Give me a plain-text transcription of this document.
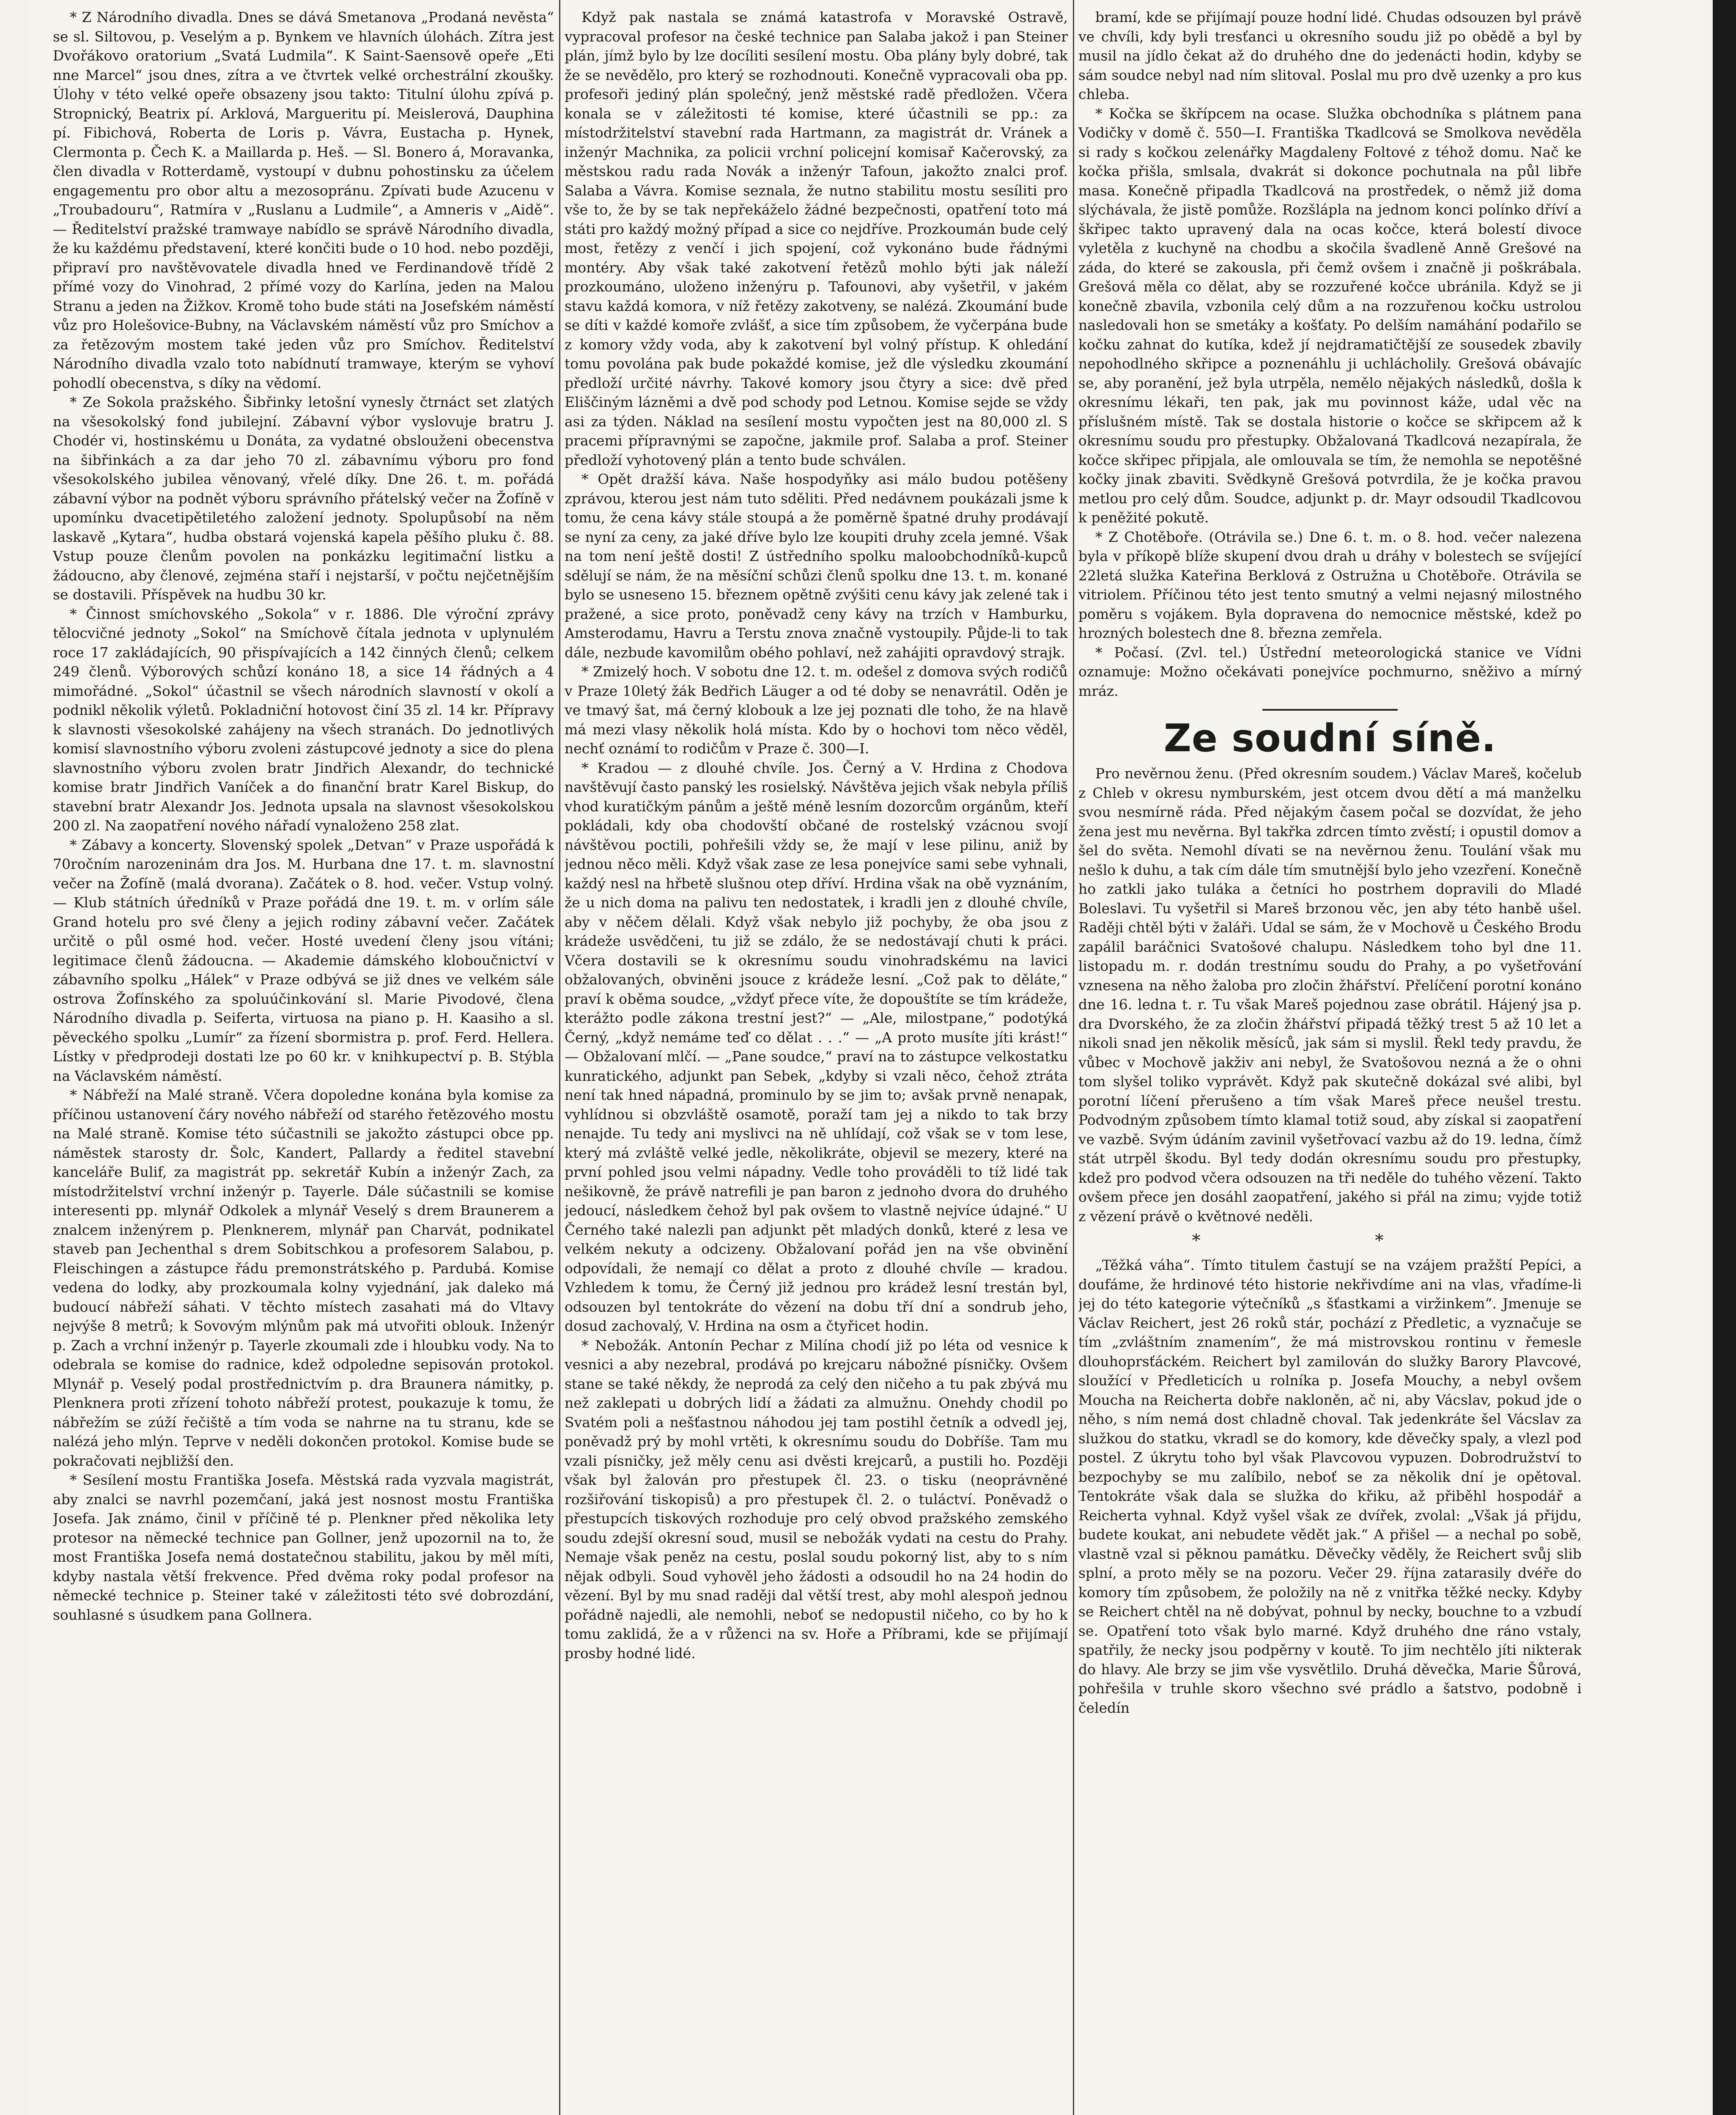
* Z Národního divadla. Dnes se dává Smetanova „Prodaná nevěsta“ se sl. Siltovou, p. Veselým a p. Bynkem ve hlavních úlohách. Zítra jest Dvořákovo oratorium „Svatá Ludmila“. K Saint-Saensově opeře „Eti nne Marcel“ jsou dnes, zítra a ve čtvrtek velké orchestrální zkoušky. Úlohy v této velké opeře obsazeny jsou takto: Titulní úlohu zpívá p. Stropnický, Beatrix pí. Arklová, Margueritu pí. Meislerová, Dauphina pí. Fibichová, Roberta de Loris p. Vávra, Eustacha p. Hynek, Clermonta p. Čech K. a Maillarda p. Heš. — Sl. Bonero á, Moravanka, člen divadla v Rotterdamě, vystoupí v dubnu pohostinsku za účelem engagementu pro obor altu a mezosopránu. Zpívati bude Azucenu v „Troubadouru“, Ratmíra v „Ruslanu a Ludmile“, a Amneris v „Aidě“. — Ředitelství pražské tramwaye nabídlo se správě Národního divadla, že ku každému představení, které končiti bude o 10 hod. nebo později, připraví pro navštěvovatele divadla hned ve Ferdinandově třídě 2 přímé vozy do Vinohrad, 2 přímé vozy do Karlína, jeden na Malou Stranu a jeden na Žižkov. Kromě toho bude státi na Josefském náměstí vůz pro Holešovice-Bubny, na Václavském náměstí vůz pro Smíchov a za řetězovým mostem také jeden vůz pro Smíchov. Ředitelství Národního divadla vzalo toto nabídnutí tramwaye, kterým se vyhoví pohodlí obecenstva, s díky na vědomí.

* Ze Sokola pražského. Šibřinky letošní vynesly čtrnáct set zlatých na všesokolský fond jubilejní. Zábavní výbor vyslovuje bratru J. Chodér vi, hostinskému u Donáta, za vydatné obslouženi obecenstva na šibřinkách a za dar jeho 70 zl. zábavnímu výboru pro fond všesokolského jubilea věnovaný, vřelé díky. Dne 26. t. m. pořádá zábavní výbor na podnět výboru správního přátelský večer na Žofíně v upomínku dvacetipětiletého založení jednoty. Spolupůsobí na něm laskavě „Kytara“, hudba obstará vojenská kapela pěšího pluku č. 88. Vstup pouze členům povolen na ponkázku legitimační listku a žádoucno, aby členové, zejména staří i nejstarší, v počtu nejčetnějším se dostavili. Příspěvek na hudbu 30 kr.

* Činnost smíchovského „Sokola“ v r. 1886. Dle výroční zprávy tělocvičné jednoty „Sokol“ na Smíchově čítala jednota v uplynulém roce 17 zakládajících, 90 přispívajících a 142 činných členů; celkem 249 členů. Výborových schůzí konáno 18, a sice 14 řádných a 4 mimořádné. „Sokol“ účastnil se všech národních slavností v okolí a podnikl několik výletů. Pokladniční hotovost činí 35 zl. 14 kr. Přípravy k slavnosti všesokolské zahájeny na všech stranách. Do jednotlivých komisí slavnostního výboru zvoleni zástupcové jednoty a sice do plena slavnostního výboru zvolen bratr Jindřich Alexandr, do technické komise bratr Jindřich Vaníček a do finanční bratr Karel Biskup, do stavební bratr Alexandr Jos. Jednota upsala na slavnost všesokolskou 200 zl. Na zaopatření nového nářadí vynaloženo 258 zlat.

* Zábavy a koncerty. Slovenský spolek „Detvan“ v Praze uspořádá k 70ročním narozeninám dra Jos. M. Hurbana dne 17. t. m. slavnostní večer na Žofíně (malá dvorana). Začátek o 8. hod. večer. Vstup volný. — Klub státních úředníků v Praze pořádá dne 19. t. m. v orlím sále Grand hotelu pro své členy a jejich rodiny zábavní večer. Začátek určitě o půl osmé hod. večer. Hosté uvedení členy jsou vítáni; legitimace členů žádoucna. — Akademie dámského kloboučnictví v zábavního spolku „Hálek“ v Praze odbývá se již dnes ve velkém sále ostrova Žofínského za spoluúčinkování sl. Marie Pivodové, člena Národního divadla p. Seiferta, virtuosa na piano p. H. Kaasiho a sl. pěveckého spolku „Lumír“ za řízení sbormistra p. prof. Ferd. Hellera. Lístky v předprodeji dostati lze po 60 kr. v knihkupectví p. B. Stýbla na Václavském náměstí.

* Nábřeží na Malé straně. Včera dopoledne konána byla komise za příčinou ustanovení čáry nového nábřeží od starého řetězového mostu na Malé straně. Komise této súčastnili se jakožto zástupci obce pp. náměstek starosty dr. Šolc, Kandert, Pallardy a ředitel stavební kanceláře Bulif, za magistrát pp. sekretář Kubín a inženýr Zach, za místodržitelství vrchní inženýr p. Tayerle. Dále súčastnili se komise interesenti pp. mlynář Odkolek a mlynář Veselý s drem Braunerem a znalcem inženýrem p. Plenknerem, mlynář pan Charvát, podnikatel staveb pan Jechenthal s drem Sobitschkou a profesorem Salabou, p. Fleischingen a zástupce řádu premonstrátského p. Pardubá. Komise vedena do lodky, aby prozkoumala kolny vyjednání, jak daleko má budoucí nábřeží sáhati. V těchto místech zasahati má do Vltavy nejvýše 8 metrů; k Sovovým mlýnům pak má utvořiti oblouk. Inženýr p. Zach a vrchní inženýr p. Tayerle zkoumali zde i hloubku vody. Na to odebrala se komise do radnice, kdež odpoledne sepisován protokol. Mlynář p. Veselý podal prostřednictvím p. dra Braunera námitky, p. Plenknera proti zřízení tohoto nábřeží protest, poukazuje k tomu, že nábřežím se zúží řečiště a tím voda se nahrne na tu stranu, kde se nalézá jeho mlýn. Teprve v neděli dokončen protokol. Komise bude se pokračovati nejbližší den.

* Sesílení mostu Františka Josefa. Městská rada vyzvala magistrát, aby znalci se navrhl pozemčaní, jaká jest nosnost mostu Františka Josefa. Jak známo, činil v příčině té p. Plenkner před několika lety protesor na německé technice pan Gollner, jenž upozornil na to, že most Františka Josefa nemá dostatečnou stabilitu, jakou by měl míti, kdyby nastala větší frekvence. Před dvěma roky podal profesor na německé technice p. Steiner také v záležitosti této své dobrozdání, souhlasné s úsudkem pana Gollnera.

Když pak nastala se známá katastrofa v Moravské Ostravě, vypracoval profesor na české technice pan Salaba jakož i pan Steiner plán, jímž bylo by lze docíliti sesílení mostu. Oba plány byly dobré, tak že se nevědělo, pro který se rozhodnouti. Konečně vypracovali oba pp. profesoři jediný plán společný, jenž městské radě předložen. Včera konala se v záležitosti té komise, které účastnili se pp.: za místodržitelství stavební rada Hartmann, za magistrát dr. Vránek a inženýr Machnika, za policii vrchní policejní komisař Kačerovský, za městskou radu rada Novák a inženýr Tafoun, jakožto znalci prof. Salaba a Vávra. Komise seznala, že nutno stabilitu mostu sesíliti pro vše to, že by se tak nepřekáželo žádné bezpečnosti, opatření toto má státi pro každý možný případ a sice co nejdříve. Prozkoumán bude celý most, řetězy z venčí i jich spojení, což vykonáno bude řádnými montéry. Aby však také zakotvení řetězů mohlo býti jak náleží prozkoumáno, uloženo inženýru p. Tafounovi, aby vyšetřil, v jakém stavu každá komora, v níž řetězy zakotveny, se nalézá. Zkoumání bude se díti v každé komoře zvlášť, a sice tím způsobem, že vyčerpána bude z komory vždy voda, aby k zakotvení byl volný přístup. K ohledání tomu povolána pak bude pokaždé komise, jež dle výsledku zkoumání předloží určité návrhy. Takové komory jsou čtyry a sice: dvě před Eliščiným lázněmi a dvě pod schody pod Letnou. Komise sejde se vždy asi za týden. Náklad na sesílení mostu vypočten jest na 80,000 zl. S pracemi přípravnými se započne, jakmile prof. Salaba a prof. Steiner předloží vyhotovený plán a tento bude schválen.

* Opět dražší káva. Naše hospodyňky asi málo budou potěšeny zprávou, kterou jest nám tuto sděliti. Před nedávnem poukázali jsme k tomu, že cena kávy stále stoupá a že poměrně špatné druhy prodávají se nyní za ceny, za jaké dříve bylo lze koupiti druhy zcela jemné. Však na tom není ještě dosti! Z ústředního spolku maloobchodníků-kupců sdělují se nám, že na měsíční schůzi členů spolku dne 13. t. m. konané bylo se usneseno 15. březnem opětně zvýšiti cenu kávy jak zelené tak i pražené, a sice proto, poněvadž ceny kávy na trzích v Hamburku, Amsterodamu, Havru a Terstu znova značně vystoupily. Půjde-li to tak dále, nezbude kavomilům obého pohlaví, než zahájiti opravdový strajk.

* Zmizelý hoch. V sobotu dne 12. t. m. odešel z domova svých rodičů v Praze 10letý žák Bedřich Läuger a od té doby se nenavrátil. Oděn je ve tmavý šat, má černý klobouk a lze jej poznati dle toho, že na hlavě má mezi vlasy několik holá místa. Kdo by o hochovi tom něco věděl, nechť oznámí to rodičům v Praze č. 300—I.

* Kradou — z dlouhé chvíle. Jos. Černý a V. Hrdina z Chodova navštěvují často panský les rosielský. Návštěva jejich však nebyla příliš vhod kuratičkým pánům a ještě méně lesním dozorcům orgánům, kteří pokládali, kdy oba chodovští občané de rostelský vzácnou svojí návštěvou poctili, pohřešili vždy se, že mají v lese pilinu, aniž by jednou něco měli. Když však zase ze lesa ponejvíce sami sebe vyhnali, každý nesl na hřbetě slušnou otep dříví. Hrdina však na obě vyznáním, že u nich doma na palivu ten nedostatek, i kradli jen z dlouhé chvíle, aby v něčem dělali. Když však nebylo již pochyby, že oba jsou z krádeže usvědčeni, tu již se zdálo, že se nedostávají chuti k práci. Včera dostavili se k okresnímu soudu vinohradskému na lavici obžalovaných, obviněni jsouce z krádeže lesní. „Což pak to děláte,“ praví k oběma soudce, „vždyť přece víte, že dopouštíte se tím krádeže, kterážto podle zákona trestní jest?“ — „Ale, milostpane,“ podotýká Černý, „když nemáme teď co dělat . . .“ — „A proto musíte jíti krást!“ — Obžalovaní mlčí. — „Pane soudce,“ praví na to zástupce velkostatku kunratického, adjunkt pan Sebek, „kdyby si vzali něco, čehož ztráta není tak hned nápadná, prominulo by se jim to; avšak prvně nenapak, vyhlídnou si obzvláště osamotě, poraží tam jej a nikdo to tak brzy nenajde. Tu tedy ani myslivci na ně uhlídají, což však se v tom lese, který má zvláště velké jedle, několikráte, objevil se mezery, které na první pohled jsou velmi nápadny. Vedle toho prováděli to tíž lidé tak nešikovně, že právě natrefili je pan baron z jednoho dvora do druhého jedoucí, následkem čehož byl pak ovšem to vlastně nejvíce údajné.“ U Černého také nalezli pan adjunkt pět mladých donků, které z lesa ve velkém nekuty a odcizeny. Obžalovaní pořád jen na vše obvinění odpovídali, že nemají co dělat a proto z dlouhé chvíle — kradou. Vzhledem k tomu, že Černý již jednou pro krádež lesní trestán byl, odsouzen byl tentokráte do vězení na dobu tří dní a sondrub jeho, dosud zachovalý, V. Hrdina na osm a čtyřicet hodin.

* Nebožák. Antonín Pechar z Milína chodí již po léta od vesnice k vesnici a aby nezebral, prodává po krejcaru nábožné písničky. Ovšem stane se také někdy, že neprodá za celý den ničeho a tu pak zbývá mu než zaklepati u dobrých lidí a žádati za almužnu. Onehdy chodil po Svatém poli a nešťastnou náhodou jej tam postihl četník a odvedl jej, poněvadž prý by mohl vrtěti, k okresnímu soudu do Dobříše. Tam mu vzali písničky, jež měly cenu asi dvěsti krejcarů, a pustili ho. Později však byl žalován pro přestupek čl. 23. o tisku (neoprávněné rozšiřování tiskopisů) a pro přestupek čl. 2. o tuláctví. Poněvadž o přestupcích tiskových rozhoduje pro celý obvod pražského zemského soudu zdejší okresní soud, musil se nebožák vydati na cestu do Prahy. Nemaje však peněz na cestu, poslal soudu pokorný list, aby to s ním nějak odbyli. Soud vyhověl jeho žádosti a odsoudil ho na 24 hodin do vězení. Byl by mu snad raději dal větší trest, aby mohl alespoň jednou pořádně najedli, ale nemohli, neboť se nedopustil ničeho, co by ho k tomu zaklidá, že a v růženci na sv. Hoře a Příbrami, kde se přijímají prosby hodné lidé.

bramí, kde se přijímají pouze hodní lidé. Chudas odsouzen byl právě ve chvíli, kdy byli tresťanci u okresního soudu již po obědě a byl by musil na jídlo čekat až do druhého dne do jedenácti hodin, kdyby se sám soudce nebyl nad ním slitoval. Poslal mu pro dvě uzenky a pro kus chleba.

* Kočka se škřípcem na ocase. Služka obchodníka s plátnem pana Vodičky v domě č. 550—I. Františka Tkadlcová se Smolkova nevěděla si rady s kočkou zelenářky Magdaleny Foltové z téhož domu. Nač ke kočka přišla, smlsala, dvakrát si dokonce pochutnala na půl libře masa. Konečně připadla Tkadlcová na prostředek, o němž již doma slýchávala, že jistě pomůže. Rozšlápla na jednom konci polínko dříví a škřipec takto upravený dala na ocas kočce, která bolestí divoce vyletěla z kuchyně na chodbu a skočila švadleně Anně Grešové na záda, do které se zakousla, při čemž ovšem i značně ji poškrábala. Grešová měla co dělat, aby se rozzuřené kočce ubránila. Když se ji konečně zbavila, vzbonila celý dům a na rozzuřenou kočku ustrolou nasledovali hon se smetáky a košťaty. Po delším namáhání podařilo se kočku zahnat do kutíka, kdež jí nejdramatičtější ze sousedek zbavily nepohodlného skřipce a poznenáhlu ji uchlácholily. Grešová obávajíc se, aby poranění, jež byla utrpěla, nemělo nějakých následků, došla k okresnímu lékaři, ten pak, jak mu povinnost káže, udal věc na příslušném místě. Tak se dostala historie o kočce se skřipcem až k okresnímu soudu pro přestupky. Obžalovaná Tkadlcová nezapírala, že kočce skřipec připjala, ale omlouvala se tím, že nemohla se nepotěšné kočky jinak zbaviti. Svědkyně Grešová potvrdila, že je kočka pravou metlou pro celý dům. Soudce, adjunkt p. dr. Mayr odsoudil Tkadlcovou k peněžité pokutě.

* Z Chotěboře. (Otrávila se.) Dne 6. t. m. o 8. hod. večer nalezena byla v příkopě blíže skupení dvou drah u dráhy v bolestech se svíjející 22letá služka Kateřina Berklová z Ostružna u Chotěboře. Otrávila se vitriolem. Příčinou této jest tento smutný a velmi nejasný milostného poměru s vojákem. Byla dopravena do nemocnice městské, kdež po hrozných bolestech dne 8. března zemřela.

* Počasí. (Zvl. tel.) Ústřední meteorologická stanice ve Vídni oznamuje: Možno očekávati ponejvíce pochmurno, sněživo a mírný mráz.

Ze soudní síně.

Pro nevěrnou ženu. (Před okresním soudem.) Václav Mareš, kočelub z Chleb v okresu nymburském, jest otcem dvou dětí a má manželku svou nesmírně ráda. Před nějakým časem počal se dozvídat, že jeho žena jest mu nevěrna. Byl takřka zdrcen tímto zvěstí; i opustil domov a šel do světa. Nemohl dívati se na nevěrnou ženu. Toulání však mu nešlo k duhu, a tak cím dále tím smutnější bylo jeho vzezření. Konečně ho zatkli jako tuláka a četníci ho postrhem dopravili do Mladé Boleslavi. Tu vyšetřil si Mareš brzonou věc, jen aby této hanbě ušel. Raději chtěl býti v žaláři. Udal se sám, že v Mochově u Českého Brodu zapálil baráčnici Svatošové chalupu. Následkem toho byl dne 11. listopadu m. r. dodán trestnímu soudu do Prahy, a po vyšetřování vznesena na něho žaloba pro zločin žhářství. Přelíčení porotní konáno dne 16. ledna t. r. Tu však Mareš pojednou zase obrátil. Hájený jsa p. dra Dvorského, že za zločin žhářství připadá těžký trest 5 až 10 let a nikoli snad jen několik měsíců, jak sám si myslil. Řekl tedy pravdu, že vůbec v Mochově jakživ ani nebyl, že Svatošovou nezná a že o ohni tom slyšel toliko vyprávět. Když pak skutečně dokázal své alibi, byl porotní líčení přerušeno a tím však Mareš přece neušel trestu. Podvodným způsobem tímto klamal totiž soud, aby získal si zaopatření ve vazbě. Svým údáním zavinil vyšetřovací vazbu až do 19. ledna, čímž stát utrpěl škodu. Byl tedy dodán okresnímu soudu pro přestupky, kdež pro podvod včera odsouzen na tři neděle do tuhého vězení. Takto ovšem přece jen dosáhl zaopatření, jakého si přál na zimu; vyjde totiž z vězení právě o květnové neděli.

* *

„Těžká váha“. Tímto titulem častují se na vzájem pražští Pepíci, a doufáme, že hrdinové této historie nekřivdíme ani na vlas, vřadíme-li jej do této kategorie výtečníků „s šťastkami a viržinkem“. Jmenuje se Václav Reichert, jest 26 roků stár, pochází z Předletic, a vyznačuje se tím „zvláštním znamením“, že má mistrovskou rontinu v řemesle dlouhoprsťáckém. Reichert byl zamilován do služky Barory Plavcové, sloužící v Předleticích u rolníka p. Josefa Mouchy, a nebyl ovšem Moucha na Reicherta dobře nakloněn, ač ni, aby Vácslav, pokud jde o něho, s ním nemá dost chladně choval. Tak jedenkráte šel Vácslav za služkou do statku, vkradl se do komory, kde děvečky spaly, a vlezl pod postel. Z úkrytu toho byl však Plavcovou vypuzen. Dobrodružství to bezpochyby se mu zalíbilo, neboť se za několik dní je opětoval. Tentokráte však dala se služka do křiku, až přiběhl hospodář a Reicherta vyhnal. Když vyšel však ze dvířek, zvolal: „Však já přijdu, budete koukat, ani nebudete vědět jak.“ A přišel — a nechal po sobě, vlastně vzal si pěknou památku. Děvečky věděly, že Reichert svůj slib splní, a proto měly se na pozoru. Večer 29. října zatarasily dvéře do komory tím způsobem, že položily na ně z vnitřka těžké necky. Kdyby se Reichert chtěl na ně dobývat, pohnul by necky, bouchne to a vzbudí se. Opatření toto však bylo marné. Když druhého dne ráno vstaly, spatřily, že necky jsou podpěrny v koutě. To jim nechtělo jíti nikterak do hlavy. Ale brzy se jim vše vysvětlilo. Druhá děvečka, Marie Šůrová, pohřešila v truhle skoro všechno své prádlo a šatstvo, podobně i čeledín
